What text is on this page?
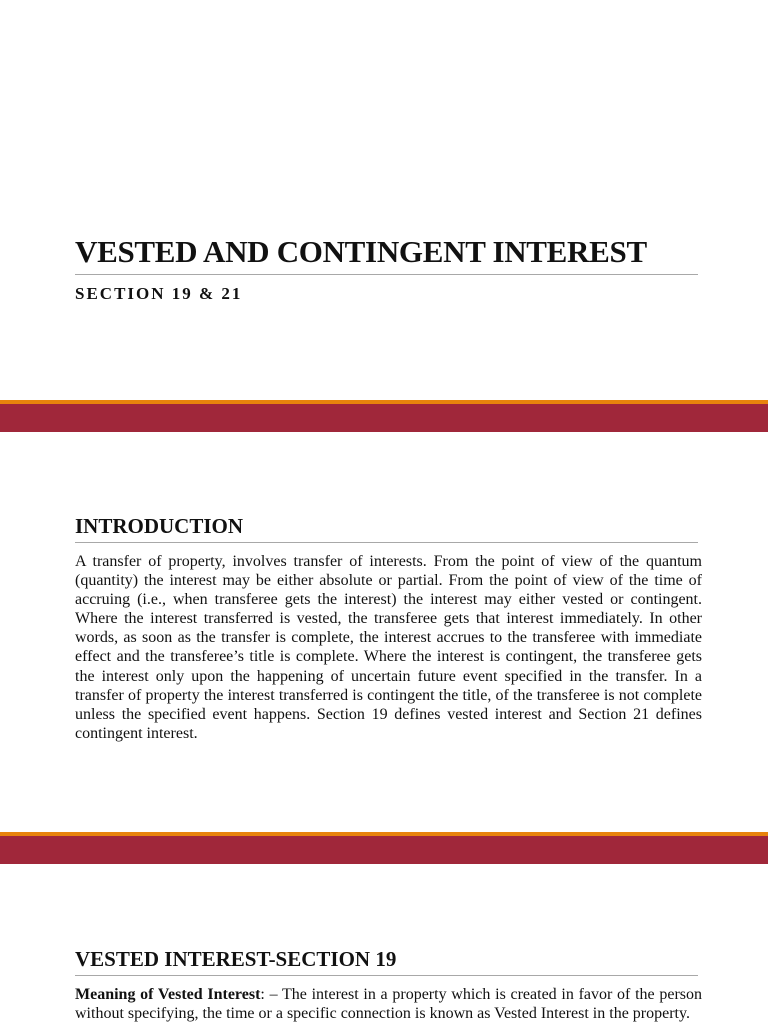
VESTED AND CONTINGENT INTEREST
SECTION 19 & 21
INTRODUCTION
A transfer of property, involves transfer of interests. From the point of view of the quantum (quantity) the interest may be either absolute or partial. From the point of view of the time of accruing (i.e., when transferee gets the interest) the interest may either vested or contingent. Where the interest transferred is vested, the transferee gets that interest immediately. In other words, as soon as the transfer is complete, the interest accrues to the transferee with immediate effect and the transferee’s title is complete. Where the interest is contingent, the transferee gets the interest only upon the happening of uncertain future event specified in the transfer. In a transfer of property the interest transferred is contingent the title, of the transferee is not complete unless the specified event happens. Section 19 defines vested interest and Section 21 defines contingent interest.
VESTED INTEREST-SECTION 19
Meaning of Vested Interest: – The interest in a property which is created in favor of the person without specifying, the time or a specific connection is known as Vested Interest in the property.
